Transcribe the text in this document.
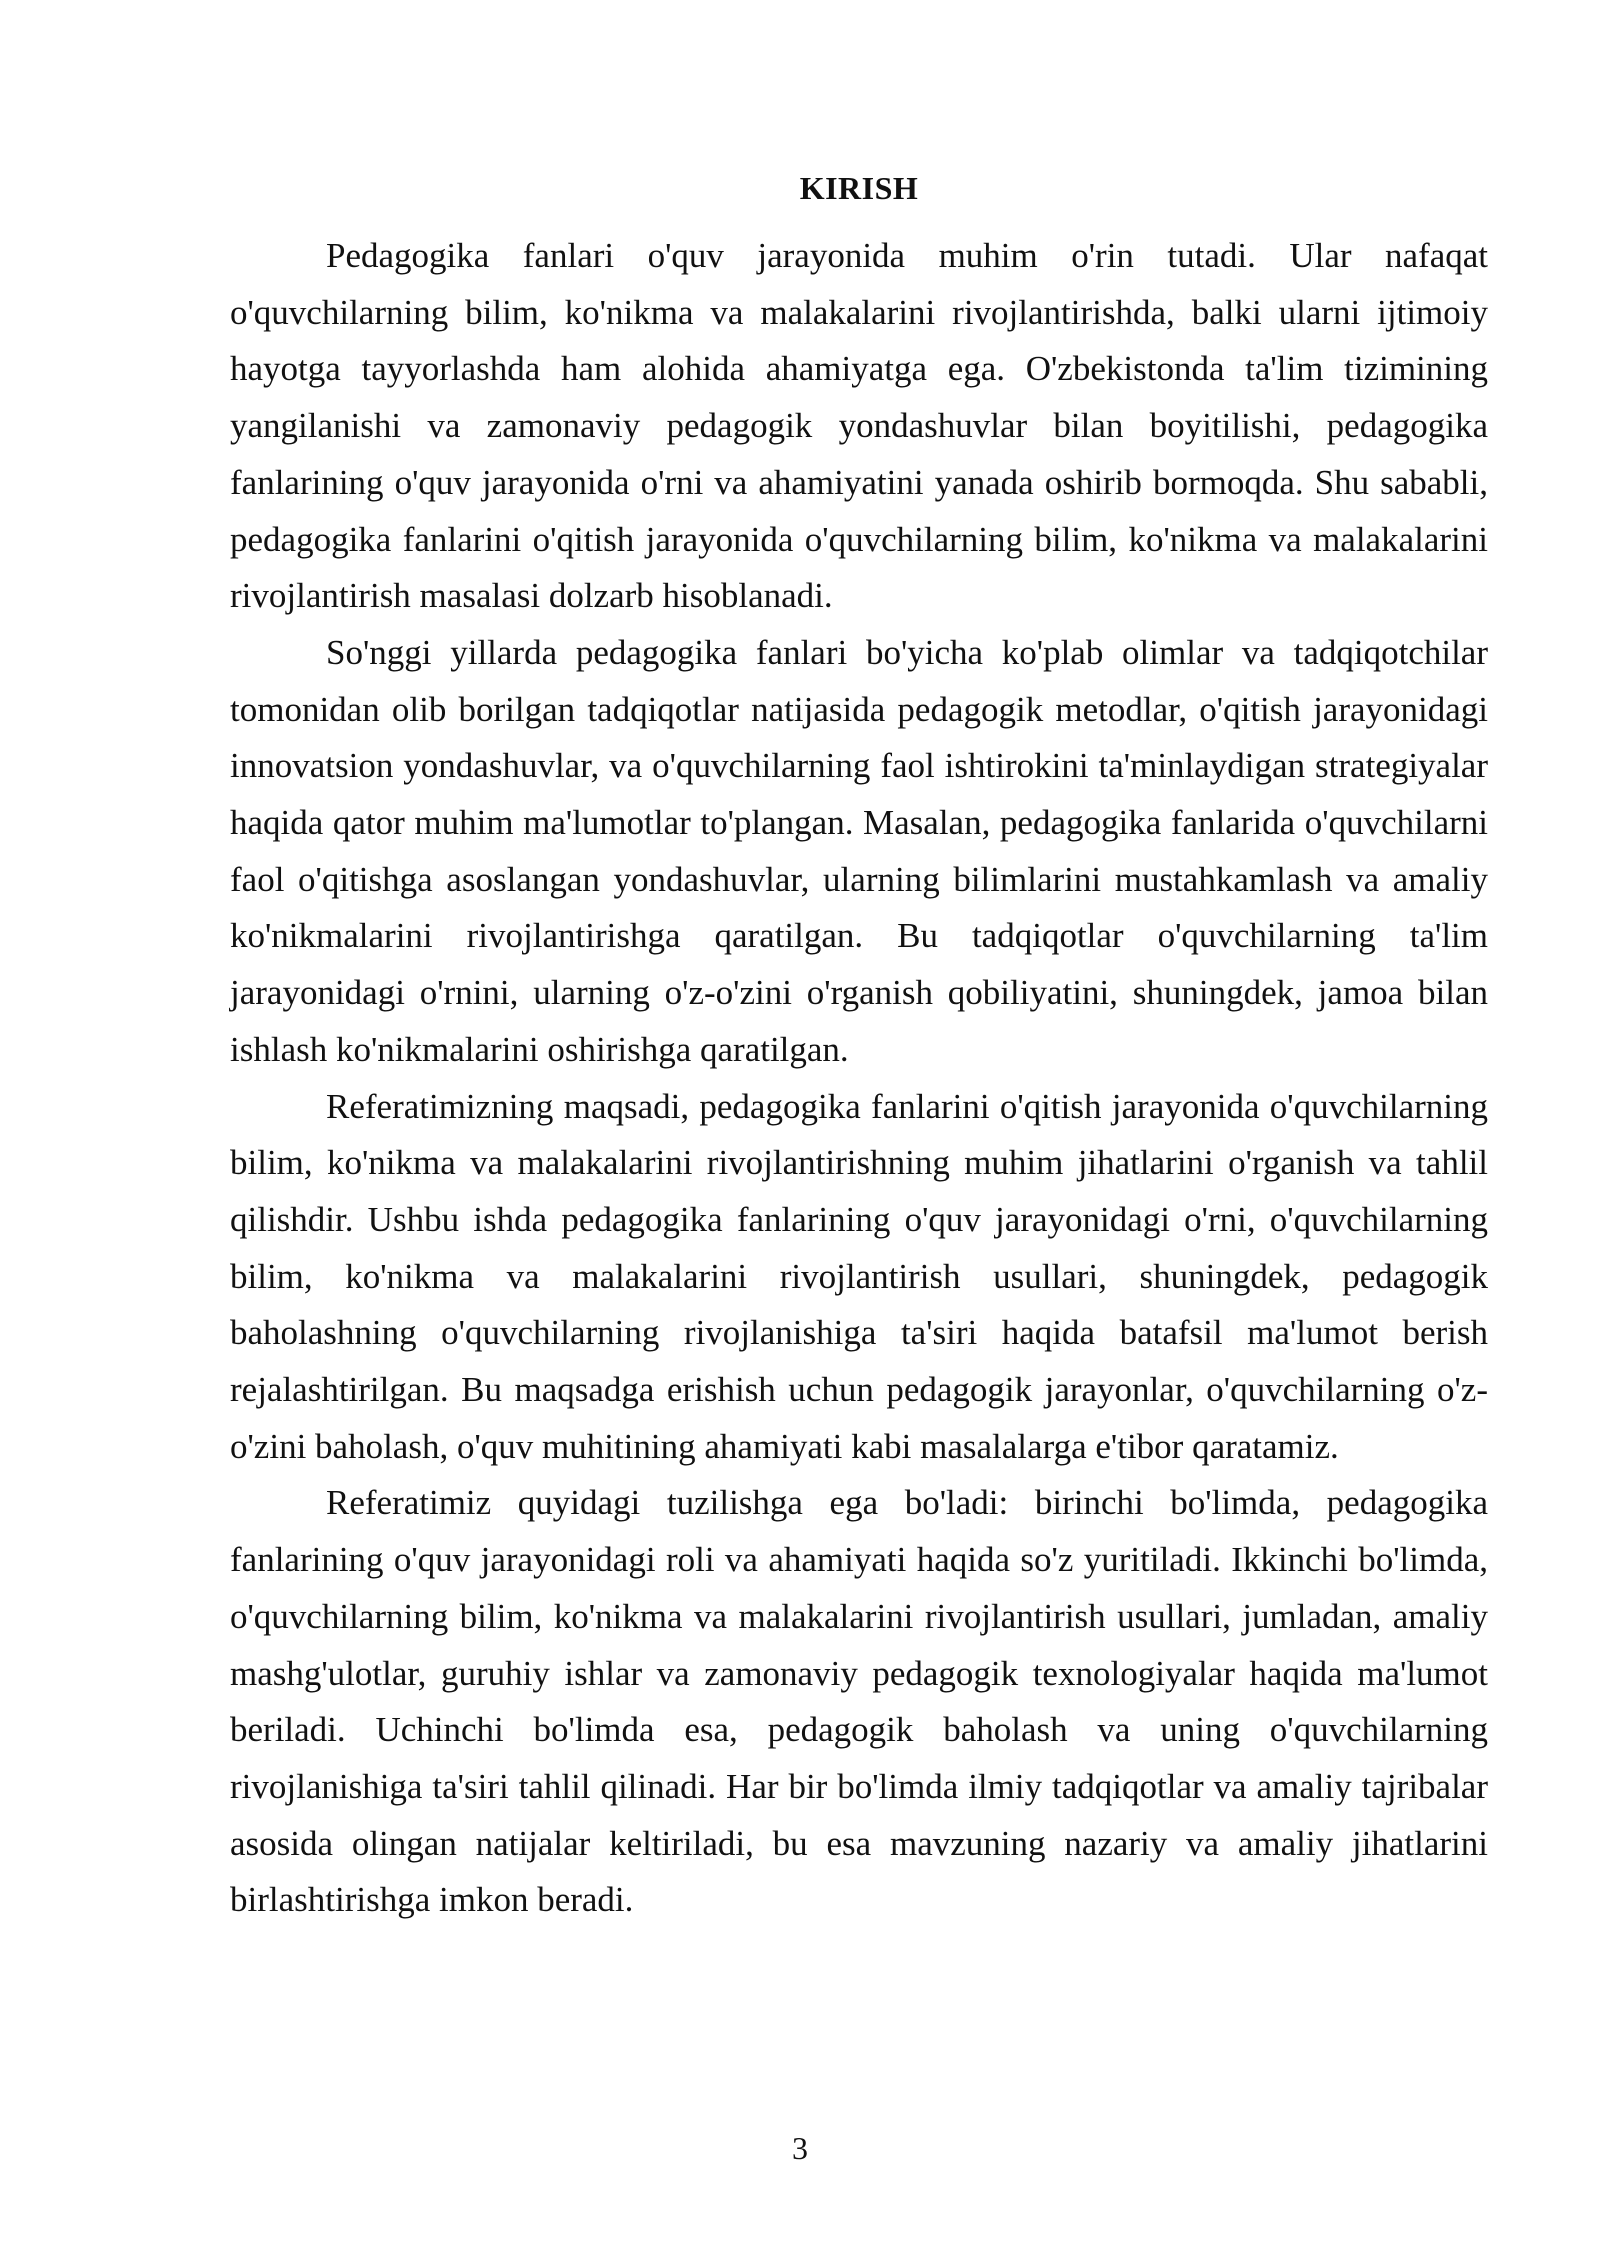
KIRISH

Pedagogika fanlari o'quv jarayonida muhim o'rin tutadi. Ular nafaqat o'quvchilarning bilim, ko'nikma va malakalarini rivojlantirishda, balki ularni ijtimoiy hayotga tayyorlashda ham alohida ahamiyatga ega. O'zbekistonda ta'lim tizimining yangilanishi va zamonaviy pedagogik yondashuvlar bilan boyitilishi, pedagogika fanlarining o'quv jarayonida o'rni va ahamiyatini yanada oshirib bormoqda. Shu sababli, pedagogika fanlarini o'qitish jarayonida o'quvchilarning bilim, ko'nikma va malakalarini rivojlantirish masalasi dolzarb hisoblanadi.

So'nggi yillarda pedagogika fanlari bo'yicha ko'plab olimlar va tadqiqotchilar tomonidan olib borilgan tadqiqotlar natijasida pedagogik metodlar, o'qitish jarayonidagi innovatsion yondashuvlar, va o'quvchilarning faol ishtirokini ta'minlaydigan strategiyalar haqida qator muhim ma'lumotlar to'plangan. Masalan, pedagogika fanlarida o'quvchilarni faol o'qitishga asoslangan yondashuvlar, ularning bilimlarini mustahkamlash va amaliy ko'nikmalarini rivojlantirishga qaratilgan. Bu tadqiqotlar o'quvchilarning ta'lim jarayonidagi o'rnini, ularning o'z-o'zini o'rganish qobiliyatini, shuningdek, jamoa bilan ishlash ko'nikmalarini oshirishga qaratilgan.

Referatimizning maqsadi, pedagogika fanlarini o'qitish jarayonida o'quvchilarning bilim, ko'nikma va malakalarini rivojlantirishning muhim jihatlarini o'rganish va tahlil qilishdir. Ushbu ishda pedagogika fanlarining o'quv jarayonidagi o'rni, o'quvchilarning bilim, ko'nikma va malakalarini rivojlantirish usullari, shuningdek, pedagogik baholashning o'quvchilarning rivojlanishiga ta'siri haqida batafsil ma'lumot berish rejalashtirilgan. Bu maqsadga erishish uchun pedagogik jarayonlar, o'quvchilarning o'z-o'zini baholash, o'quv muhitining ahamiyati kabi masalalarga e'tibor qaratamiz.

Referatimiz quyidagi tuzilishga ega bo'ladi: birinchi bo'limda, pedagogika fanlarining o'quv jarayonidagi roli va ahamiyati haqida so'z yuritiladi. Ikkinchi bo'limda, o'quvchilarning bilim, ko'nikma va malakalarini rivojlantirish usullari, jumladan, amaliy mashg'ulotlar, guruhiy ishlar va zamonaviy pedagogik texnologiyalar haqida ma'lumot beriladi. Uchinchi bo'limda esa, pedagogik baholash va uning o'quvchilarning rivojlanishiga ta'siri tahlil qilinadi. Har bir bo'limda ilmiy tadqiqotlar va amaliy tajribalar asosida olingan natijalar keltiriladi, bu esa mavzuning nazariy va amaliy jihatlarini birlashtirishga imkon beradi.

3
